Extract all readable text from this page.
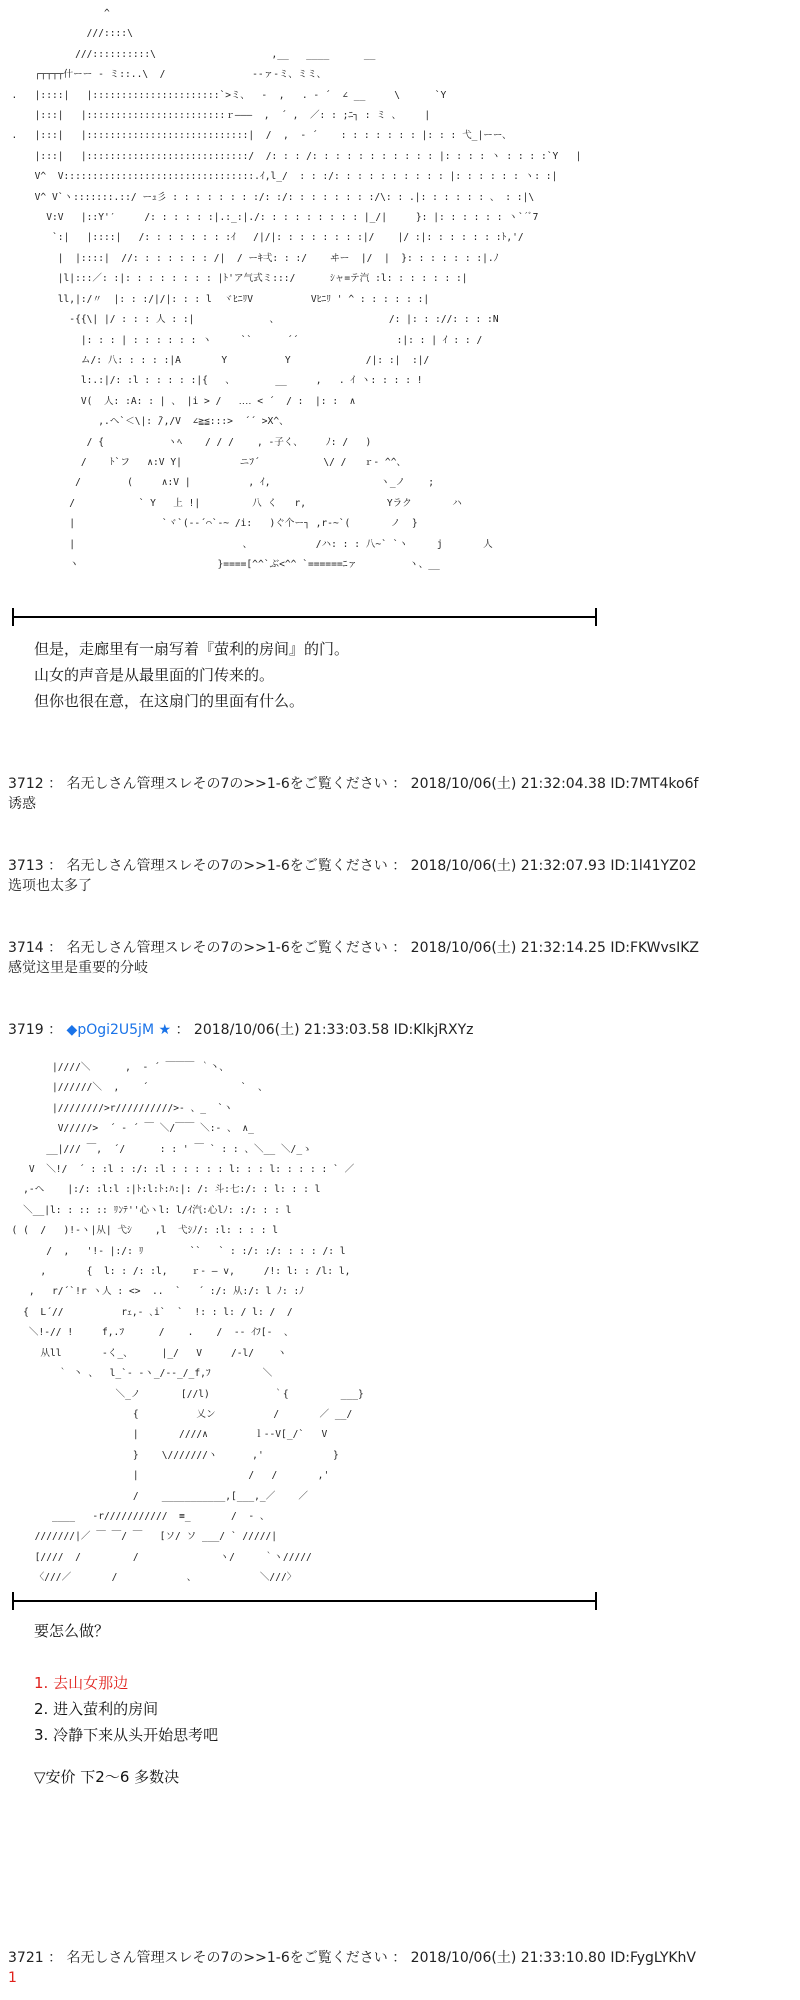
^
///::::\
///::::::::::\                    ,__   ____      __
┌┬┬┬┬什ーー ‐ ミ::..\  /               ‐‐ァ‐ミ、ミミ、
.   |::::|   |::::::::::::::::::::::`>ミ、  -  ,   . ‐ ´  ∠ __     \      `Y
|:::|   |::::::::::::::::::::::::ｒ―――  ,  ´ ,  ／: : ;ﾆ┐ : ミ 、    |
.   |:::|   |::::::::::::::::::::::::::::|  /  ,  ‐ ´    : : : : : : : |: : : 弋_|ーー、
|:::|   |::::::::::::::::::::::::::::/  /: : : /: : : : : : : : : : : |: : : : ヽ : : : :`Y   |
V^  V:::::::::::::::::::::::::::::::::.ｲ,l_/  : : :/: : : : : : : : : : |: : : : : : ヽ: :|
V^ V`ヽ:::::::.::/ ーｭ彡 : : : : : : : :/: :/: : : : : : : :/\: : .|: : : : : : 、 : :|\
V:V   |::Y'′     /: : : : : :|.:_:|./: : : : : : : : : |_/|     }: |: : : : : : ヽ`´ﾞ7
`:|   |::::|   /: : : : : : : :ｲ   /|/|: : : : : : : :|/    |/ :|: : : : : : :ﾄ,'/
|  |::::|  //: : : : : : : /|  / ーｷ弌: : :/    ヰー  |/  |  }: : : : : : :|.ﾉ
|l|:::／: :|: : : : : : : : |ﾄ'ア气式ミ:::/      ｼャ=テ汽 :l: : : : : : :|
ll,|:/〃  |: : :/|/|: : : l  ヾﾋﾆﾘV          Vﾋﾆﾘ ' ^ : : : : : :|
‐{{\| |/ : : : 人 : :|             、                   /: |: : ://: : : :N
|: : : | : : : : : : ヽ     ``      ´´                 :|: : | ｲ : : /
ム/: 八: : : : :|A       Y          Y             /|: :|  :|/
l:.:|/: :l : : : : :|{   、       __     ,   . ｲ ヽ: : : : !
V(  人: :A: : | 、 |i > /   ‥‥ < ´  / :  |: :  ∧
,.ヘ`＜\|: ̄/,/V  ∠≧≦:::>  ´´ >X^、
/ {           ヽﾍ    / / /    , ‐子く、    ﾉ: /   )
/    ﾄ`フ   ∧:V Y|          ニﾌ´           \/ /   ｒ‐ ^^、
/        (     ∧:V |          , ｲ,                   ヽ_ノ    ;
/           ` Y   上 !|         八 く   r,              Yラク       ハ
|               `ヾ`(‐‐´⌒`‐~ /i:   )ぐ个ー┐ ,r‐~`(       ノ  }
|                             、           /ハ: : : 八~` `ヽ     j       人
ヽ                        }====[^^`ぶ<^^ `======ﾆァ         ヽ、__
但是，走廊里有一扇写着『萤利的房间』的门。
山女的声音是从最里面的门传来的。
但你也很在意，在这扇门的里面有什么。
3712 ： 名无しさん管理スレその7の>>1-6をご覧ください ： 2018/10/06(土) 21:32:04.38 ID:7MT4ko6f
诱惑
3713 ： 名无しさん管理スレその7の>>1-6をご覧ください ： 2018/10/06(土) 21:32:07.93 ID:1l41YZ02
选项也太多了
3714 ： 名无しさん管理スレその7の>>1-6をご覧ください ： 2018/10/06(土) 21:32:14.25 ID:FKWvsIKZ
感觉这里是重要的分岐
3719 ： ◆pOgi2U5jM ★ ： 2018/10/06(土) 21:33:03.58 ID:KlkjRXYz
|////＼      ,  ‐ ´ ￣￣￣ ｀丶、
|//////＼  ,    ´                `  、
|////////>r//////////>‐ 、_  `ヽ
V/////>  ´ ‐ ´ ￣ ＼/￣￣ ＼:‐ 、 ∧_
__|/// ￣,  ´/      : : ' ￣ ` : : 、＼__ ＼/_ゝ
V  ＼!/  ´ : :l : :/: :l : : : : : l: : : l: : : : : ` ／
,‐ヘ    |:/: :l:l :|ﾄ:l:ﾄ:ﾊ:|: /: 斗:七:/: : l: : : l
＼__|l: : :: :: ﾘﾝﾃ''心ヽl: l/ｲ汽:心lﾉ: :/: : : l
( (  /   )!‐ヽ|从| 弋ｼ    ,l  弋ｼﾉ/: :l: : : : l
/  ,   '!‐ |:/: ﾘ        ``   ` : :/: :/: : : : /: l
,       {  l: : /: :l,    ｒ‐ ― v,     /!: l: : /l: l,
,   r/´`!r ヽ人 : <>  ..  `   ´ :/: 从:/: l ﾉ: :ﾉ
{  L´//          rｪ,‐ ､i`  `  !: : l: / l: /  /
＼!‐// !     f,.ﾌ      /    .    /  ‐‐ ｲﾌ[‐  、
从ll       ‐く_、     |_/   V     /‐l/    ヽ
｀ 丶 、  l_`‐ ‐ヽ_/‐‐_/_f,ﾌ         ＼
＼_ノ       [//l)           ｀{         ___}
{          乂ン          /       ／ __/
|       ////∧        ｌ‐‐V[_/`   V
}    \///////ヽ      ,'            }
|                   /   /       ,'
/    ___________,[___,_／    ／
____   ‐r///////////  ≡_       /  ‐ 、
///////|／ ￣ ￣/ ￣   [ソ/ ソ ___/ ` /////|
[////  /         /              ヽ/     ｀ヽ/////
〈///／       /            、           ＼///〉
要怎么做？
1. 去山女那边
2. 进入萤利的房间
3. 冷静下来从头开始思考吧
▽安价 下2～6 多数决
3721 ： 名无しさん管理スレその7の>>1-6をご覧ください ： 2018/10/06(土) 21:33:10.80 ID:FygLYKhV
1
